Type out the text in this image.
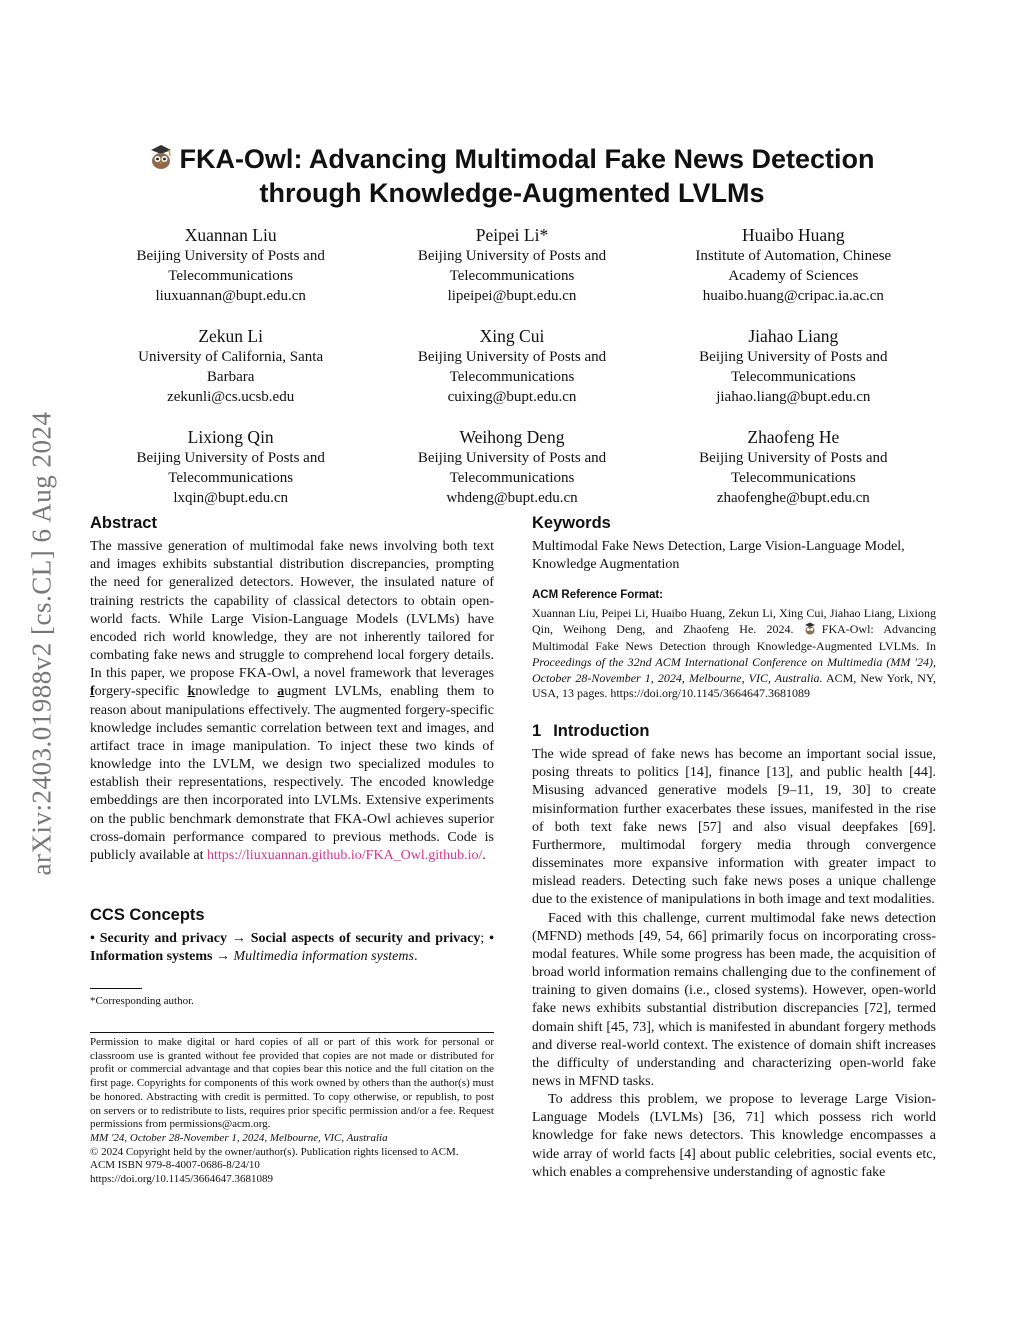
arXiv:2403.01988v2 [cs.CL] 6 Aug 2024
FKA-Owl: Advancing Multimodal Fake News Detection
through Knowledge-Augmented LVLMs
Xuannan Liu
Beijing University of Posts and
Telecommunications
liuxuannan@bupt.edu.cn
Peipei Li*
Beijing University of Posts and
Telecommunications
lipeipei@bupt.edu.cn
Huaibo Huang
Institute of Automation, Chinese
Academy of Sciences
huaibo.huang@cripac.ia.ac.cn
Zekun Li
University of California, Santa
Barbara
zekunli@cs.ucsb.edu
Xing Cui
Beijing University of Posts and
Telecommunications
cuixing@bupt.edu.cn
Jiahao Liang
Beijing University of Posts and
Telecommunications
jiahao.liang@bupt.edu.cn
Lixiong Qin
Beijing University of Posts and
Telecommunications
lxqin@bupt.edu.cn
Weihong Deng
Beijing University of Posts and
Telecommunications
whdeng@bupt.edu.cn
Zhaofeng He
Beijing University of Posts and
Telecommunications
zhaofenghe@bupt.edu.cn
Abstract

The massive generation of multimodal fake news involving both text and images exhibits substantial distribution discrepancies, prompting the need for generalized detectors. However, the insulated nature of training restricts the capability of classical detectors to obtain open-world facts. While Large Vision-Language Models (LVLMs) have encoded rich world knowledge, they are not inherently tailored for combating fake news and struggle to comprehend local forgery details. In this paper, we propose FKA-Owl, a novel framework that leverages forgery-specific knowledge to augment LVLMs, enabling them to reason about manipulations effectively. The augmented forgery-specific knowledge includes semantic correlation between text and images, and artifact trace in image manipulation. To inject these two kinds of knowledge into the LVLM, we design two specialized modules to establish their representations, respectively. The encoded knowledge embeddings are then incorporated into LVLMs. Extensive experiments on the public benchmark demonstrate that FKA-Owl achieves superior cross-domain performance compared to previous methods. Code is publicly available at https://liuxuannan.github.io/FKA_Owl.github.io/.

CCS Concepts

• Security and privacy → Social aspects of security and privacy; • Information systems → Multimedia information systems.

*Corresponding author.

Permission to make digital or hard copies of all or part of this work for personal or classroom use is granted without fee provided that copies are not made or distributed for profit or commercial advantage and that copies bear this notice and the full citation on the first page. Copyrights for components of this work owned by others than the author(s) must be honored. Abstracting with credit is permitted. To copy otherwise, or republish, to post on servers or to redistribute to lists, requires prior specific permission and/or a fee. Request permissions from permissions@acm.org.

MM '24, October 28-November 1, 2024, Melbourne, VIC, Australia
© 2024 Copyright held by the owner/author(s). Publication rights licensed to ACM.
ACM ISBN 979-8-4007-0686-8/24/10
https://doi.org/10.1145/3664647.3681089
Keywords

Multimodal Fake News Detection, Large Vision-Language Model, Knowledge Augmentation

ACM Reference Format:

Xuannan Liu, Peipei Li, Huaibo Huang, Zekun Li, Xing Cui, Jiahao Liang, Lixiong Qin, Weihong Deng, and Zhaofeng He. 2024. FKA-Owl: Advancing Multimodal Fake News Detection through Knowledge-Augmented LVLMs. In Proceedings of the 32nd ACM International Conference on Multimedia (MM '24), October 28-November 1, 2024, Melbourne, VIC, Australia. ACM, New York, NY, USA, 13 pages. https://doi.org/10.1145/3664647.3681089

1 Introduction

The wide spread of fake news has become an important social issue, posing threats to politics [14], finance [13], and public health [44]. Misusing advanced generative models [9–11, 19, 30] to create misinformation further exacerbates these issues, manifested in the rise of both text fake news [57] and also visual deepfakes [69]. Furthermore, multimodal forgery media through convergence disseminates more expansive information with greater impact to mislead readers. Detecting such fake news poses a unique challenge due to the existence of manipulations in both image and text modalities.

Faced with this challenge, current multimodal fake news detection (MFND) methods [49, 54, 66] primarily focus on incorporating cross-modal features. While some progress has been made, the acquisition of broad world information remains challenging due to the confinement of training to given domains (i.e., closed systems). However, open-world fake news exhibits substantial distribution discrepancies [72], termed domain shift [45, 73], which is manifested in abundant forgery methods and diverse real-world context. The existence of domain shift increases the difficulty of understanding and characterizing open-world fake news in MFND tasks.

To address this problem, we propose to leverage Large Vision-Language Models (LVLMs) [36, 71] which possess rich world knowledge for fake news detectors. This knowledge encompasses a wide array of world facts [4] about public celebrities, social events etc, which enables a comprehensive understanding of agnostic fake
